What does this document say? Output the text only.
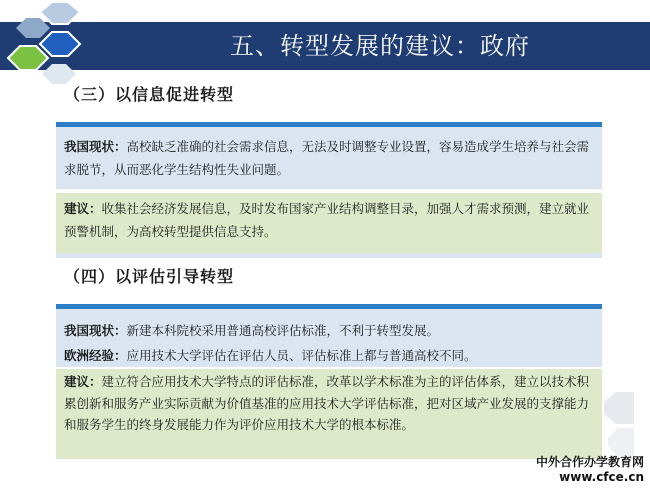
五、转型发展的建议：政府
（三）以信息促进转型
我国现状：高校缺乏准确的社会需求信息，无法及时调整专业设置，容易造成学生培养与社会需求脱节，从而恶化学生结构性失业问题。
建议：收集社会经济发展信息，及时发布国家产业结构调整目录，加强人才需求预测，建立就业预警机制，为高校转型提供信息支持。
（四）以评估引导转型
我国现状：新建本科院校采用普通高校评估标准，不利于转型发展。
欧洲经验：应用技术大学评估在评估人员、评估标准上都与普通高校不同。
建议：建立符合应用技术大学特点的评估标准，改革以学术标准为主的评估体系，建立以技术积累创新和服务产业实际贡献为价值基准的应用技术大学评估标准，把对区域产业发展的支撑能力和服务学生的终身发展能力作为评价应用技术大学的根本标准。
中外合作办学教育网
www.cfce.cn
